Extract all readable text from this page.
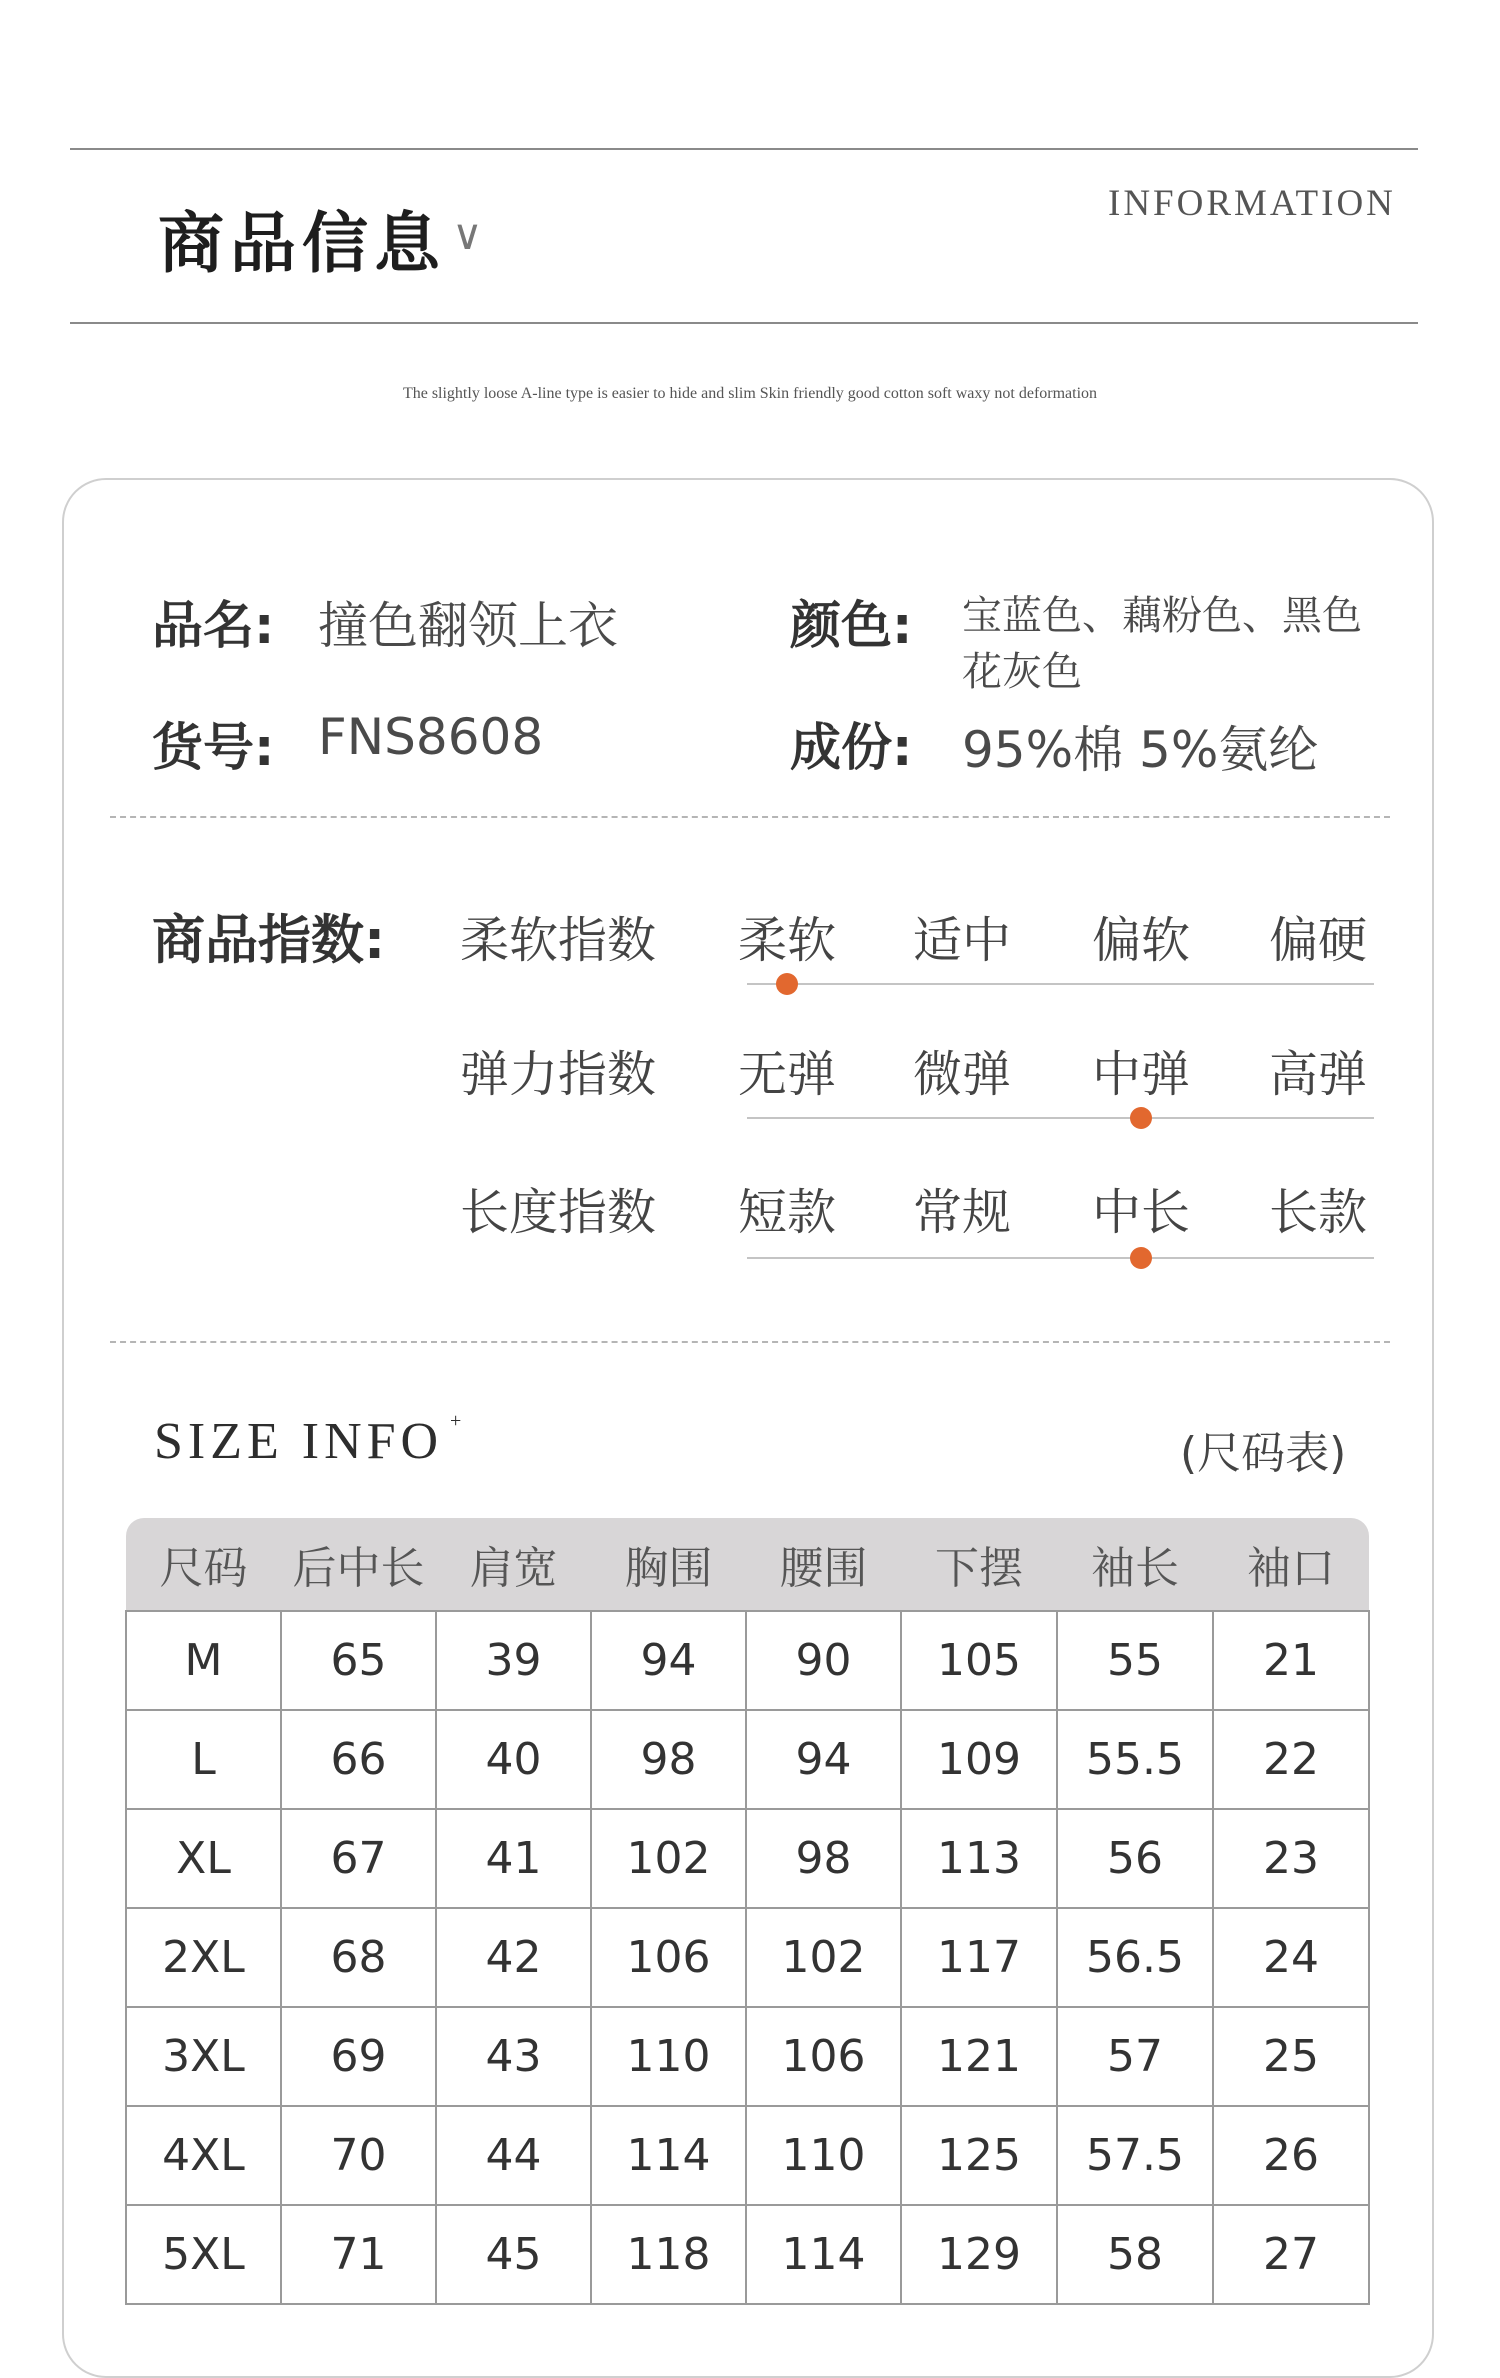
商品信息 ∨
INFORMATION
The slightly loose A-line type is easier to hide and slim Skin friendly good cotton soft waxy not deformation
品名: 撞色翻领上衣	颜色: 宝蓝色、藕粉色、黑色
花灰色
货号: FNS8608	成份: 95%棉 5%氨纶
商品指数: 柔软指数	柔软	适中	偏软	偏硬
弹力指数	无弹	微弹	中弹	高弹
长度指数	短款	常规	中长	长款
SIZE INFO +
(尺码表)
尺码	后中长	肩宽	胸围	腰围	下摆	袖长	袖口
M	65	39	94	90	105	55	21
L	66	40	98	94	109	55.5	22
XL	67	41	102	98	113	56	23
2XL	68	42	106	102	117	56.5	24
3XL	69	43	110	106	121	57	25
4XL	70	44	114	110	125	57.5	26
5XL	71	45	118	114	129	58	27
